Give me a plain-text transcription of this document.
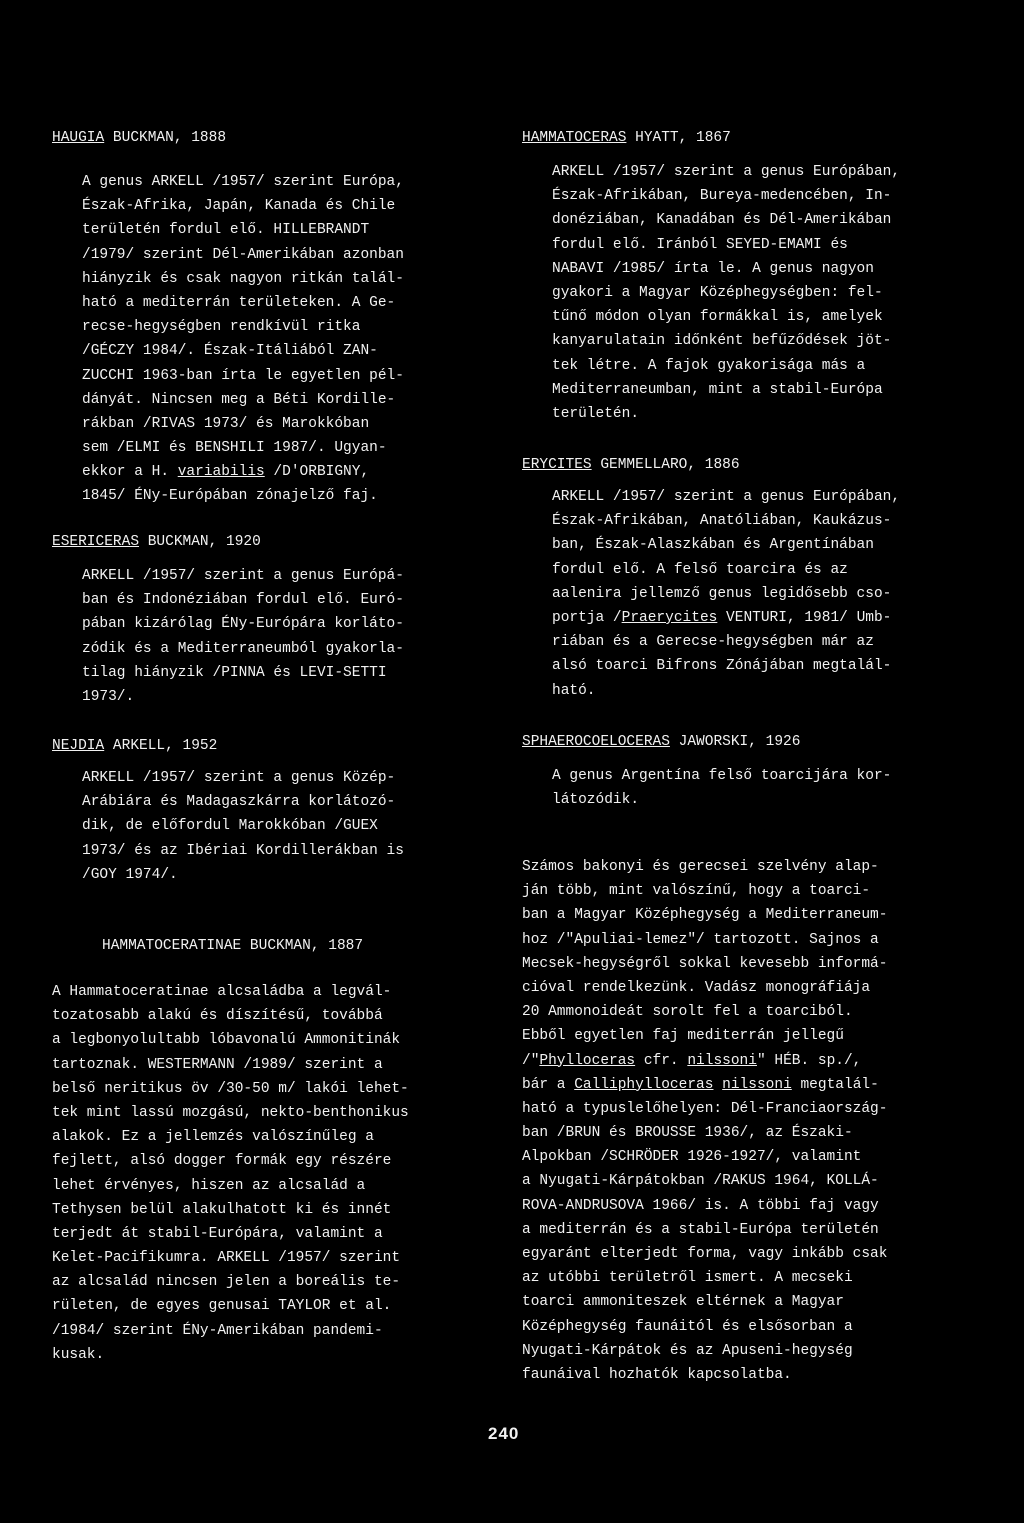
HAUGIA BUCKMAN, 1888
A genus ARKELL /1957/ szerint Európa,
Észak-Afrika, Japán, Kanada és Chile
területén fordul elő. HILLEBRANDT
/1979/ szerint Dél-Amerikában azonban
hiányzik és csak nagyon ritkán talál-
ható a mediterrán területeken. A Ge-
recse-hegységben rendkívül ritka
/GÉCZY 1984/. Észak-Itáliából ZAN-
ZUCCHI 1963-ban írta le egyetlen pél-
dányát. Nincsen meg a Béti Kordille-
rákban /RIVAS 1973/ és Marokkóban
sem /ELMI és BENSHILI 1987/. Ugyan-
ekkor a H. variabilis /D'ORBIGNY,
1845/ ÉNy-Európában zónajelző faj.
ESERICERAS BUCKMAN, 1920
ARKELL /1957/ szerint a genus Európá-
ban és Indonéziában fordul elő. Euró-
pában kizárólag ÉNy-Európára korláto-
zódik és a Mediterraneumból gyakorla-
tilag hiányzik /PINNA és LEVI-SETTI
1973/.
NEJDIA ARKELL, 1952
ARKELL /1957/ szerint a genus Közép-
Arábiára és Madagaszkárra korlátozó-
dik, de előfordul Marokkóban /GUEX
1973/ és az Ibériai Kordillerákban is
/GOY 1974/.
HAMMATOCERATINAE BUCKMAN, 1887
A Hammatoceratinae alcsaládba a legvál-
tozatosabb alakú és díszítésű, továbbá
a legbonyolultabb lóbavonalú Ammonitinák
tartoznak. WESTERMANN /1989/ szerint a
belső neritikus öv /30-50 m/ lakói lehet-
tek mint lassú mozgású, nekto-benthonikus
alakok. Ez a jellemzés valószínűleg a
fejlett, alsó dogger formák egy részére
lehet érvényes, hiszen az alcsalád a
Tethysen belül alakulhatott ki és innét
terjedt át stabil-Európára, valamint a
Kelet-Pacifikumra. ARKELL /1957/ szerint
az alcsalád nincsen jelen a boreális te-
rületen, de egyes genusai TAYLOR et al.
/1984/ szerint ÉNy-Amerikában pandemi-
kusak.
HAMMATOCERAS HYATT, 1867
ARKELL /1957/ szerint a genus Európában,
Észak-Afrikában, Bureya-medencében, In-
donéziában, Kanadában és Dél-Amerikában
fordul elő. Iránból SEYED-EMAMI és
NABAVI /1985/ írta le. A genus nagyon
gyakori a Magyar Középhegységben: fel-
tűnő módon olyan formákkal is, amelyek
kanyarulatain időnként befűződések jöt-
tek létre. A fajok gyakorisága más a
Mediterraneumban, mint a stabil-Európa
területén.
ERYCITES GEMMELLARO, 1886
ARKELL /1957/ szerint a genus Európában,
Észak-Afrikában, Anatóliában, Kaukázus-
ban, Észak-Alaszkában és Argentínában
fordul elő. A felső toarcira és az
aalenira jellemző genus legidősebb cso-
portja /Praerycites VENTURI, 1981/ Umb-
riában és a Gerecse-hegységben már az
alsó toarci Bifrons Zónájában megtalál-
ható.
SPHAEROCOELOCERAS JAWORSKI, 1926
A genus Argentína felső toarcijára kor-
látozódik.
Számos bakonyi és gerecsei szelvény alap-
ján több, mint valószínű, hogy a toarci-
ban a Magyar Középhegység a Mediterraneum-
hoz /"Apuliai-lemez"/ tartozott. Sajnos a
Mecsek-hegységről sokkal kevesebb informá-
cióval rendelkezünk. Vadász monográfiája
20 Ammonoideát sorolt fel a toarciból.
Ebből egyetlen faj mediterrán jellegű
/"Phylloceras cfr. nilssoni" HÉB. sp./,
bár a Calliphylloceras nilssoni megtalál-
ható a typuslelőhelyen: Dél-Franciaország-
ban /BRUN és BROUSSE 1936/, az Északi-
Alpokban /SCHRÖDER 1926-1927/, valamint
a Nyugati-Kárpátokban /RAKUS 1964, KOLLÁ-
ROVA-ANDRUSOVA 1966/ is. A többi faj vagy
a mediterrán és a stabil-Európa területén
egyaránt elterjedt forma, vagy inkább csak
az utóbbi területről ismert. A mecseki
toarci ammoniteszek eltérnek a Magyar
Középhegység faunáitól és elsősorban a
Nyugati-Kárpátok és az Apuseni-hegység
faunáival hozhatók kapcsolatba.
240
